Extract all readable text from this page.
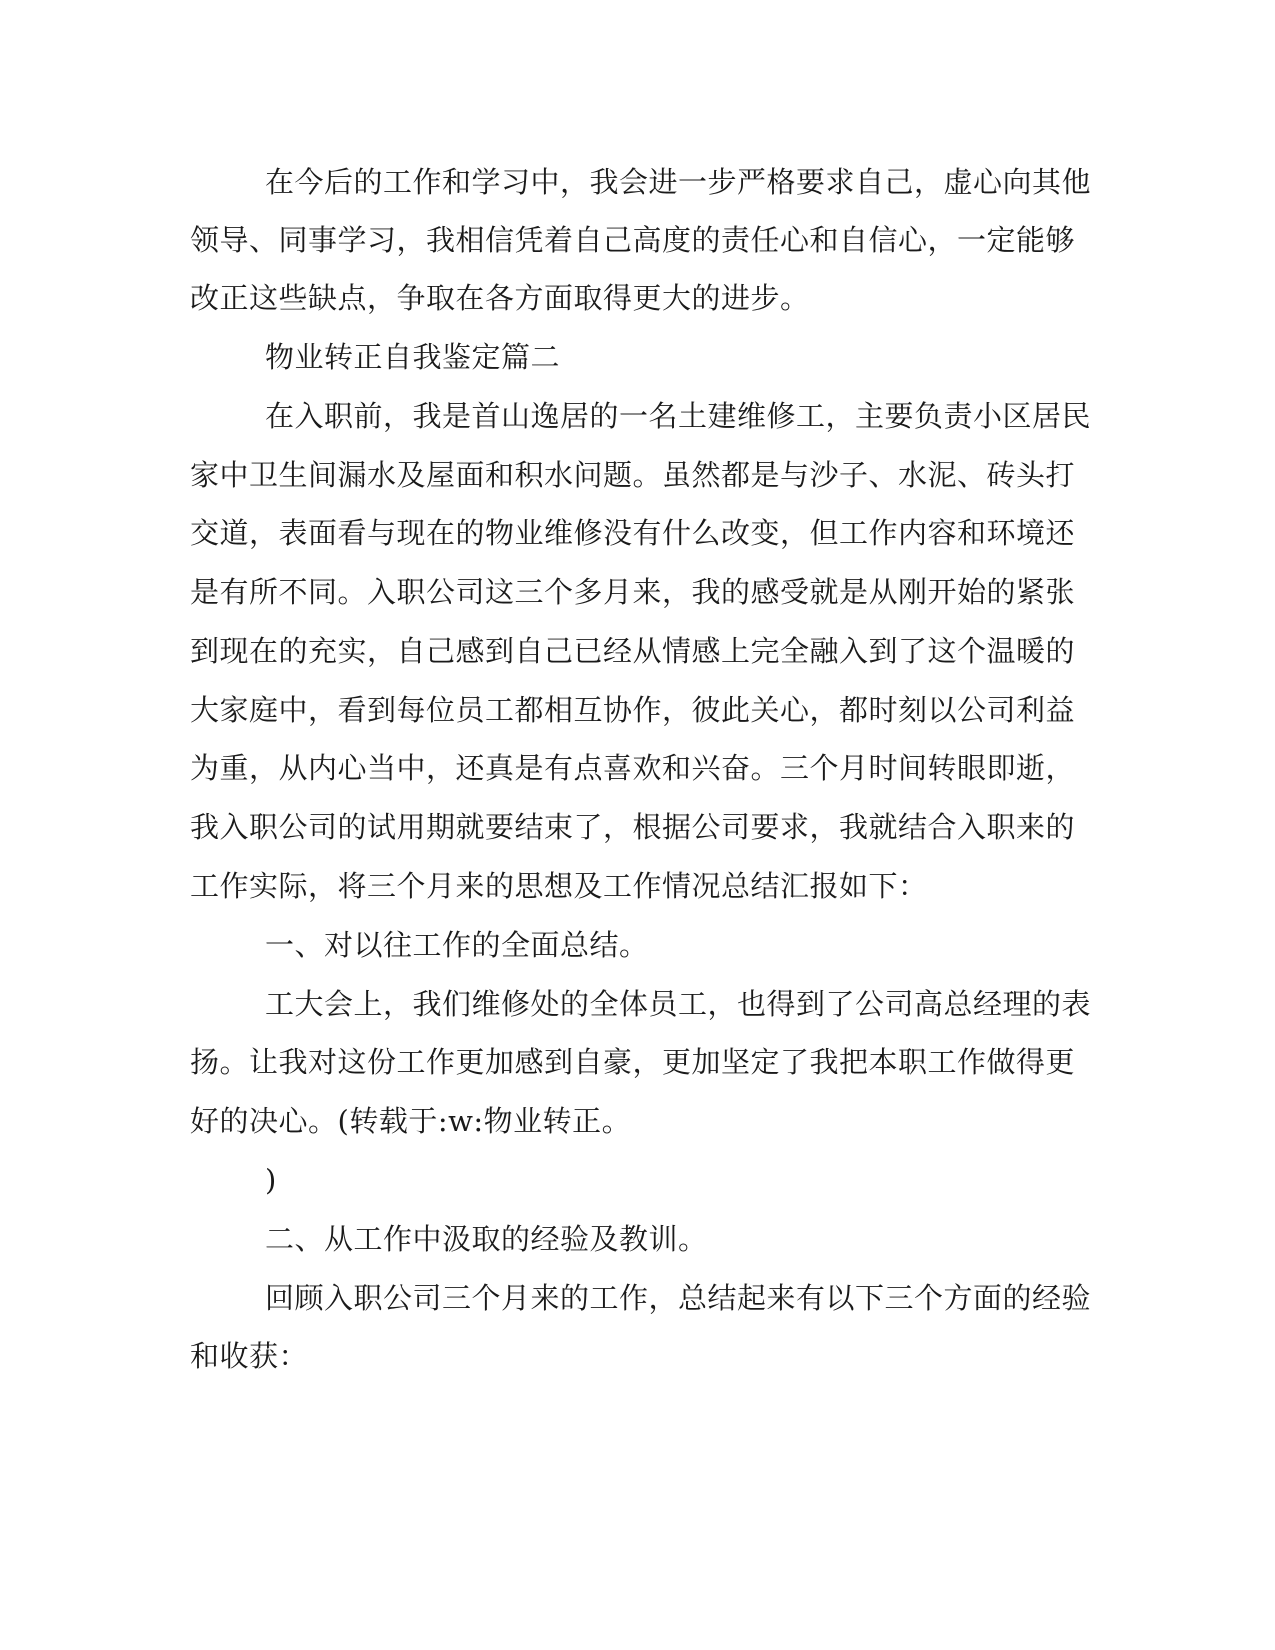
在今后的工作和学习中，我会进一步严格要求自己，虚心向其他
领导、同事学习，我相信凭着自己高度的责任心和自信心，一定能够
改正这些缺点，争取在各方面取得更大的进步。
物业转正自我鉴定篇二
在入职前，我是首山逸居的一名土建维修工，主要负责小区居民
家中卫生间漏水及屋面和积水问题。虽然都是与沙子、水泥、砖头打
交道，表面看与现在的物业维修没有什么改变，但工作内容和环境还
是有所不同。入职公司这三个多月来，我的感受就是从刚开始的紧张
到现在的充实，自己感到自己已经从情感上完全融入到了这个温暖的
大家庭中，看到每位员工都相互协作，彼此关心，都时刻以公司利益
为重，从内心当中，还真是有点喜欢和兴奋。三个月时间转眼即逝，
我入职公司的试用期就要结束了，根据公司要求，我就结合入职来的
工作实际，将三个月来的思想及工作情况总结汇报如下：
一、对以往工作的全面总结。
工大会上，我们维修处的全体员工，也得到了公司高总经理的表
扬。让我对这份工作更加感到自豪，更加坚定了我把本职工作做得更
好的决心。(转载于:w:物业转正。
)
二、从工作中汲取的经验及教训。
回顾入职公司三个月来的工作，总结起来有以下三个方面的经验
和收获：
